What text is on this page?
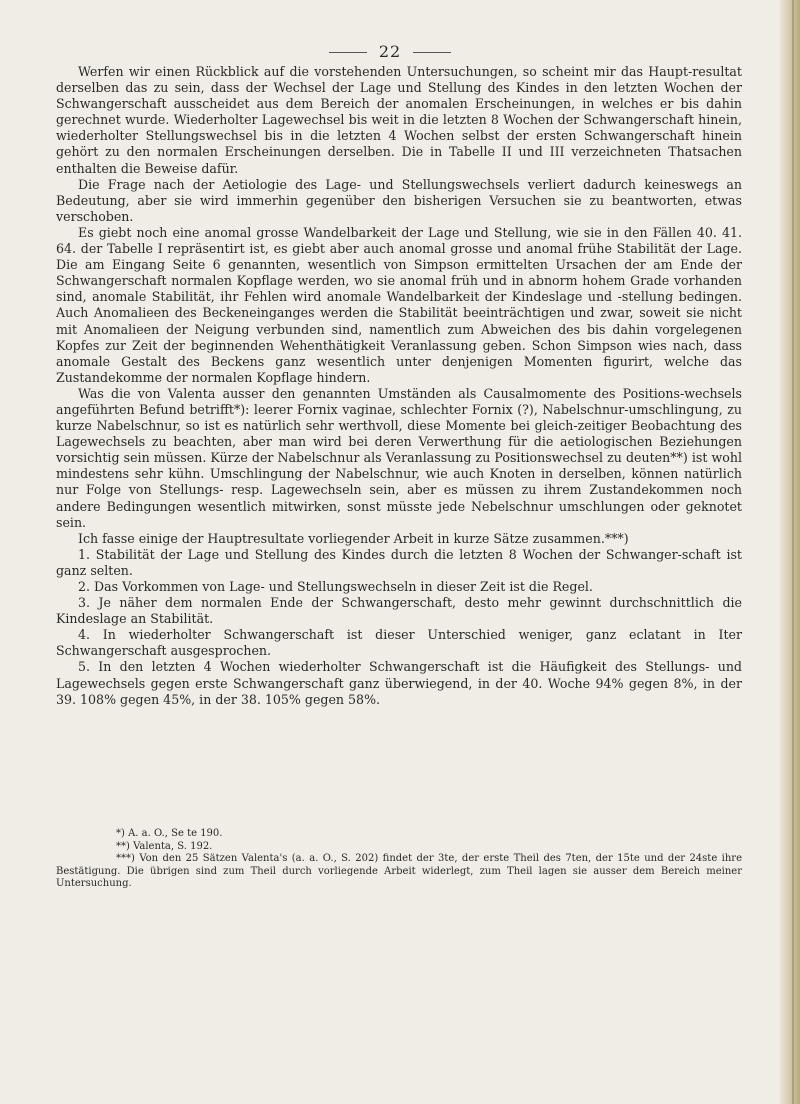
22

Werfen wir einen Rückblick auf die vorstehenden Untersuchungen, so scheint mir das Haupt-resultat derselben das zu sein, dass der Wechsel der Lage und Stellung des Kindes in den letzten Wochen der Schwangerschaft ausscheidet aus dem Bereich der anomalen Erscheinungen, in welches er bis dahin gerechnet wurde. Wiederholter Lagewechsel bis weit in die letzten 8 Wochen der Schwangerschaft hinein, wiederholter Stellungswechsel bis in die letzten 4 Wochen selbst der ersten Schwangerschaft hinein gehört zu den normalen Erscheinungen derselben. Die in Tabelle II und III verzeichneten Thatsachen enthalten die Beweise dafür.

Die Frage nach der Aetiologie des Lage- und Stellungswechsels verliert dadurch keineswegs an Bedeutung, aber sie wird immerhin gegenüber den bisherigen Versuchen sie zu beantworten, etwas verschoben.

Es giebt noch eine anomal grosse Wandelbarkeit der Lage und Stellung, wie sie in den Fällen 40. 41. 64. der Tabelle I repräsentirt ist, es giebt aber auch anomal grosse und anomal frühe Stabilität der Lage. Die am Eingang Seite 6 genannten, wesentlich von Simpson ermittelten Ursachen der am Ende der Schwangerschaft normalen Kopflage werden, wo sie anomal früh und in abnorm hohem Grade vorhanden sind, anomale Stabilität, ihr Fehlen wird anomale Wandelbarkeit der Kindeslage und -stellung bedingen. Auch Anomalieen des Beckeneinganges werden die Stabilität beeinträchtigen und zwar, soweit sie nicht mit Anomalieen der Neigung verbunden sind, namentlich zum Abweichen des bis dahin vorgelegenen Kopfes zur Zeit der beginnenden Wehenthätigkeit Veranlassung geben. Schon Simpson wies nach, dass anomale Gestalt des Beckens ganz wesentlich unter denjenigen Momenten figurirt, welche das Zustandekomme der normalen Kopflage hindern.

Was die von Valenta ausser den genannten Umständen als Causalmomente des Positions-wechsels angeführten Befund betrifft*): leerer Fornix vaginae, schlechter Fornix (?), Nabelschnur-umschlingung, zu kurze Nabelschnur, so ist es natürlich sehr werthvoll, diese Momente bei gleich-zeitiger Beobachtung des Lagewechsels zu beachten, aber man wird bei deren Verwerthung für die aetiologischen Beziehungen vorsichtig sein müssen. Kürze der Nabelschnur als Veranlassung zu Positionswechsel zu deuten**) ist wohl mindestens sehr kühn. Umschlingung der Nabelschnur, wie auch Knoten in derselben, können natürlich nur Folge von Stellungs- resp. Lagewechseln sein, aber es müssen zu ihrem Zustandekommen noch andere Bedingungen wesentlich mitwirken, sonst müsste jede Nebelschnur umschlungen oder geknotet sein.

Ich fasse einige der Hauptresultate vorliegender Arbeit in kurze Sätze zusammen.***)

1. Stabilität der Lage und Stellung des Kindes durch die letzten 8 Wochen der Schwanger-schaft ist ganz selten.

2. Das Vorkommen von Lage- und Stellungswechseln in dieser Zeit ist die Regel.

3. Je näher dem normalen Ende der Schwangerschaft, desto mehr gewinnt durchschnittlich die Kindeslage an Stabilität.

4. In wiederholter Schwangerschaft ist dieser Unterschied weniger, ganz eclatant in Iter Schwangerschaft ausgesprochen.

5. In den letzten 4 Wochen wiederholter Schwangerschaft ist die Häufigkeit des Stellungs- und Lagewechsels gegen erste Schwangerschaft ganz überwiegend, in der 40. Woche 94% gegen 8%, in der 39. 108% gegen 45%, in der 38. 105% gegen 58%.

*) A. a. O., Se te 190.

**) Valenta, S. 192.

***) Von den 25 Sätzen Valenta's (a. a. O., S. 202) findet der 3te, der erste Theil des 7ten, der 15te und der 24ste ihre Bestätigung. Die übrigen sind zum Theil durch vorliegende Arbeit widerlegt, zum Theil lagen sie ausser dem Bereich meiner Untersuchung.
